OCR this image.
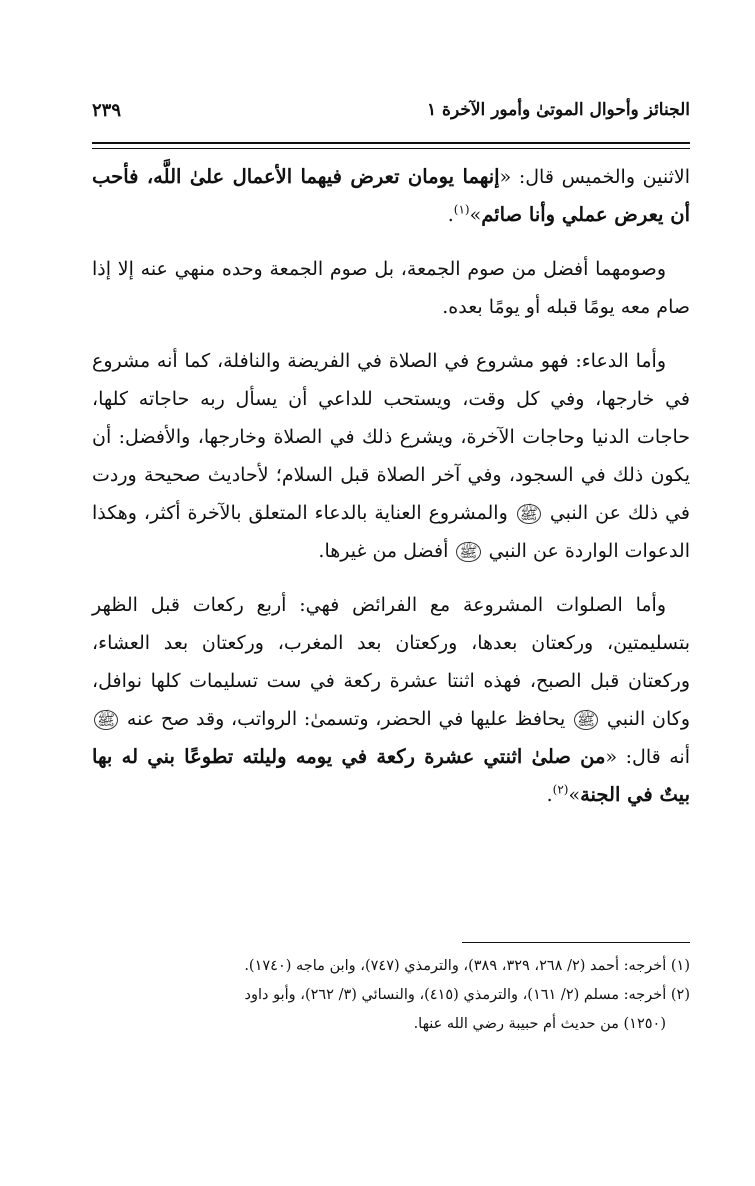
الجنائز وأحوال الموتىٰ وأمور الآخرة ١
٢٣٩

الاثنين والخميس قال: «إنهما يومان تعرض فيهما الأعمال علىٰ اللَّه، فأحب أن يعرض عملي وأنا صائم»$^{(١)}$.

وصومهما أفضل من صوم الجمعة، بل صوم الجمعة وحده منهي عنه إلا إذا صام معه يومًا قبله أو يومًا بعده.

وأما الدعاء: فهو مشروع في الصلاة في الفريضة والنافلة، كما أنه مشروع في خارجها، وفي كل وقت، ويستحب للداعي أن يسأل ربه حاجاته كلها، حاجات الدنيا وحاجات الآخرة، ويشرع ذلك في الصلاة وخارجها، والأفضل: أن يكون ذلك في السجود، وفي آخر الصلاة قبل السلام؛ لأحاديث صحيحة وردت في ذلك عن النبي ﷺ والمشروع العناية بالدعاء المتعلق بالآخرة أكثر، وهكذا الدعوات الواردة عن النبي ﷺ أفضل من غيرها.

وأما الصلوات المشروعة مع الفرائض فهي: أربع ركعات قبل الظهر بتسليمتين، وركعتان بعدها، وركعتان بعد المغرب، وركعتان بعد العشاء، وركعتان قبل الصبح، فهذه اثنتا عشرة ركعة في ست تسليمات كلها نوافل، وكان النبي ﷺ يحافظ عليها في الحضر، وتسمىٰ: الرواتب، وقد صح عنه ﷺ أنه قال: «من صلىٰ اثنتي عشرة ركعة في يومه وليلته تطوعًا بني له بها بيتٌ في الجنة»$^{(٢)}$.

(١) أخرجه: أحمد (٢/ ٢٦٨، ٣٢٩، ٣٨٩)، والترمذي (٧٤٧)، وابن ماجه (١٧٤٠).

(٢) أخرجه: مسلم (٢/ ١٦١)، والترمذي (٤١٥)، والنسائي (٣/ ٢٦٢)، وأبو داود

(١٢٥٠) من حديث أم حبيبة رضي الله عنها.
